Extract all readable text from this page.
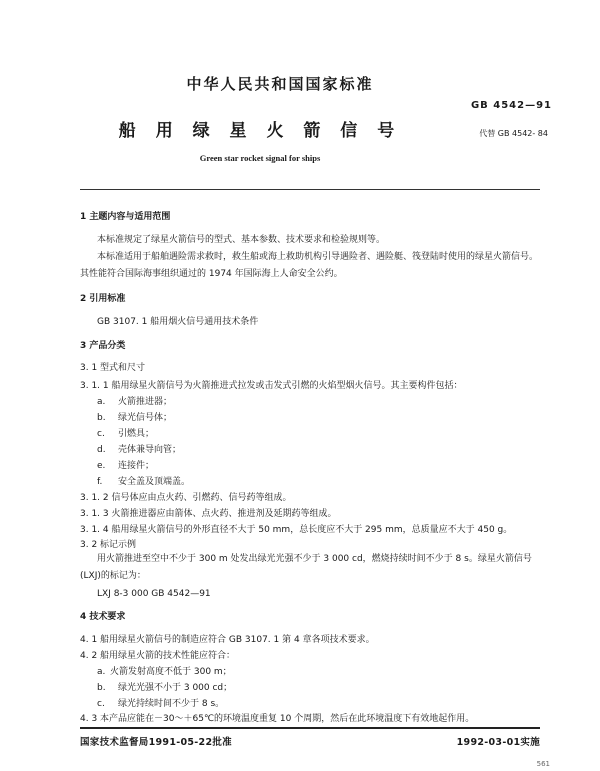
中华人民共和国国家标准
GB 4542—91
船 用 绿 星 火 箭 信 号	代替 GB 4542- 84
Green star rocket signal for ships
1 主题内容与适用范围
本标准规定了绿星火箭信号的型式、基本参数、技术要求和检验规则等。
本标准适用于船舶遇险需求救时，救生船或海上救助机构引导遇险者、遇险艇、筏登陆时使用的绿星火箭信号。其性能符合国际海事组织通过的 1974 年国际海上人命安全公约。
2 引用标准
GB 3107. 1 船用烟火信号通用技术条件
3 产品分类
3. 1 型式和尺寸
3. 1. 1 船用绿星火箭信号为火箭推进式拉发或击发式引燃的火焰型烟火信号。其主要构件包括：
a. 火箭推进器；
b. 绿光信号体；
c. 引燃具；
d. 壳体兼导向管；
e. 连接件；
f. 安全盖及顶端盖。
3. 1. 2 信号体应由点火药、引燃药、信号药等组成。
3. 1. 3 火箭推进器应由箭体、点火药、推进剂及延期药等组成。
3. 1. 4 船用绿星火箭信号的外形直径不大于 50 mm，总长度应不大于 295 mm，总质量应不大于 450 g。
3. 2 标记示例
用火箭推进至空中不少于 300 m 处发出绿光光强不少于 3 000 cd，燃烧持续时间不少于 8 s。绿星火箭信号(LXJ)的标记为：
LXJ 8-3 000 GB 4542—91
4 技术要求
4. 1 船用绿星火箭信号的制造应符合 GB 3107. 1 第 4 章各项技术要求。
4. 2 船用绿星火箭的技术性能应符合：
a. 火箭发射高度不低于 300 m；
b. 绿光光强不小于 3 000 cd；
c. 绿光持续时间不少于 8 s。
4. 3 本产品应能在－30～＋65℃的环境温度重复 10 个周期，然后在此环境温度下有效地起作用。
国家技术监督局1991-05-22批准	1992-03-01实施
561
